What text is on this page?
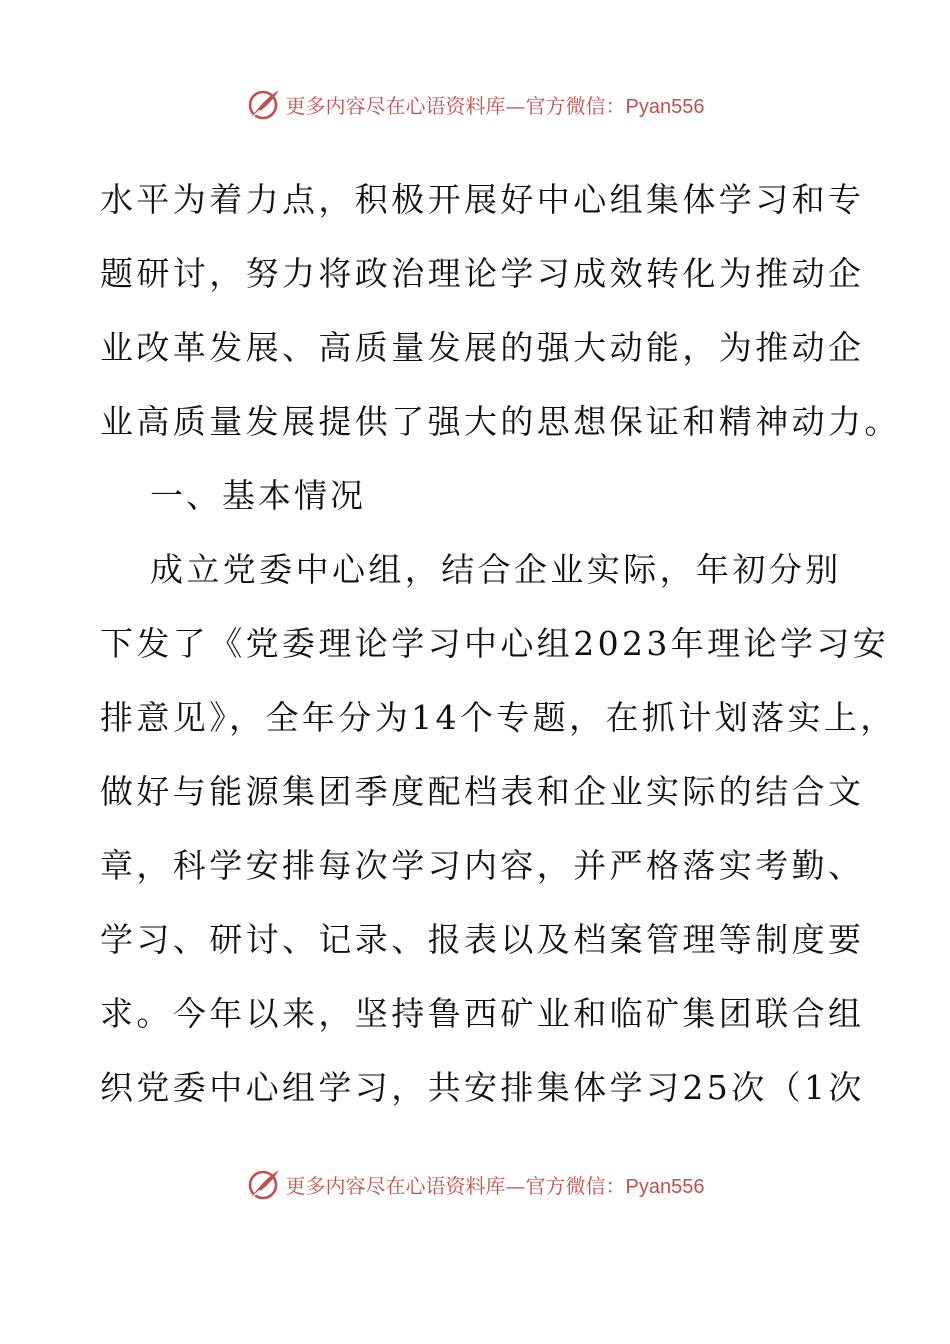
更多内容尽在心语资料库—官方微信：Pyan556
水平为着力点，积极开展好中心组集体学习和专
题研讨，努力将政治理论学习成效转化为推动企
业改革发展、高质量发展的强大动能，为推动企
业高质量发展提供了强大的思想保证和精神动力。
一、基本情况
成立党委中心组，结合企业实际，年初分别
下发了《党委理论学习中心组2023年理论学习安
排意见》，全年分为14个专题，在抓计划落实上，
做好与能源集团季度配档表和企业实际的结合文
章，科学安排每次学习内容，并严格落实考勤、
学习、研讨、记录、报表以及档案管理等制度要
求。今年以来，坚持鲁西矿业和临矿集团联合组
织党委中心组学习，共安排集体学习25次（1次
更多内容尽在心语资料库—官方微信：Pyan556
